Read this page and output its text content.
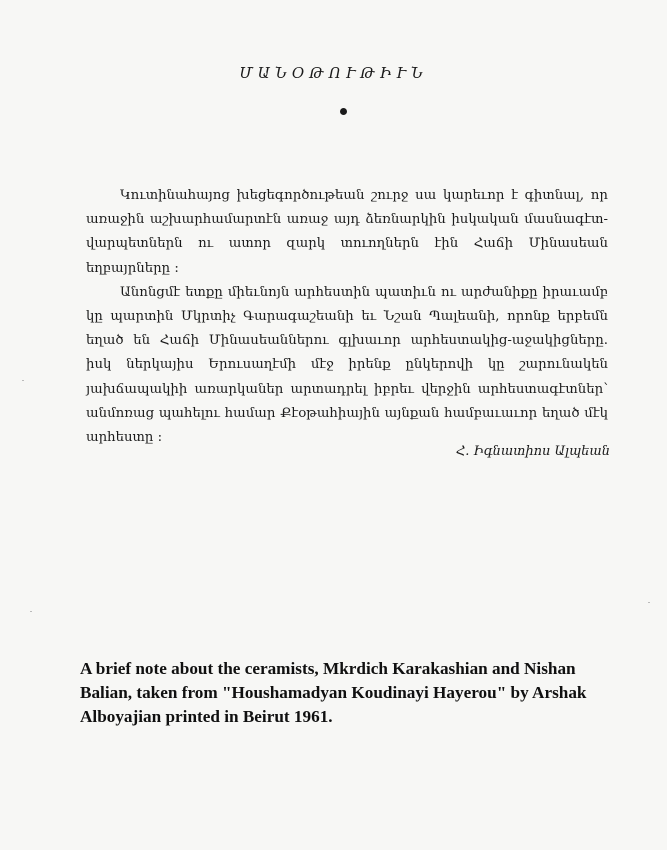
ՄԱՆՕԹՈՒԹԻՒՆ

Կուտինահայոց խեցեգործութեան շուրջ սա կարեւոր է գիտնալ, որ առաջին աշխարհամարտէն առաջ այդ ձեռնարկին իսկական մասնագէտ-վարպետներն ու ատոր զարկ տուողներն էին Հաճի Մինասեան եղբայրները :

Անոնցմէ ետքը միեւնոյն արհեստին պատիւն ու արժանիքը իրաւամբ կը պարտին Մկրտիչ Գարագաշեանի եւ Նշան Պալեանի, որոնք երբեմն եղած են Հաճի Մինասեաններու գլխաւոր արհեստակից-աջակիցները. իսկ ներկայիս Երուսաղէմի մէջ իրենք ընկերովի կը շարունակեն յախճապակիի առարկաներ արտադրել իբրեւ վերջին արհեստագէտներ՝ անմոռաց պահելու համար Քէօթահիային այնքան համբաւաւոր եղած մէկ արհեստը :

Հ. Իգնատիոս Ալպեան

A brief note about the ceramists, Mkrdich Karakashian and Nishan Balian, taken from "Houshamadyan Koudinayi Hayerou" by Arshak Alboyajian printed in Beirut 1961.
